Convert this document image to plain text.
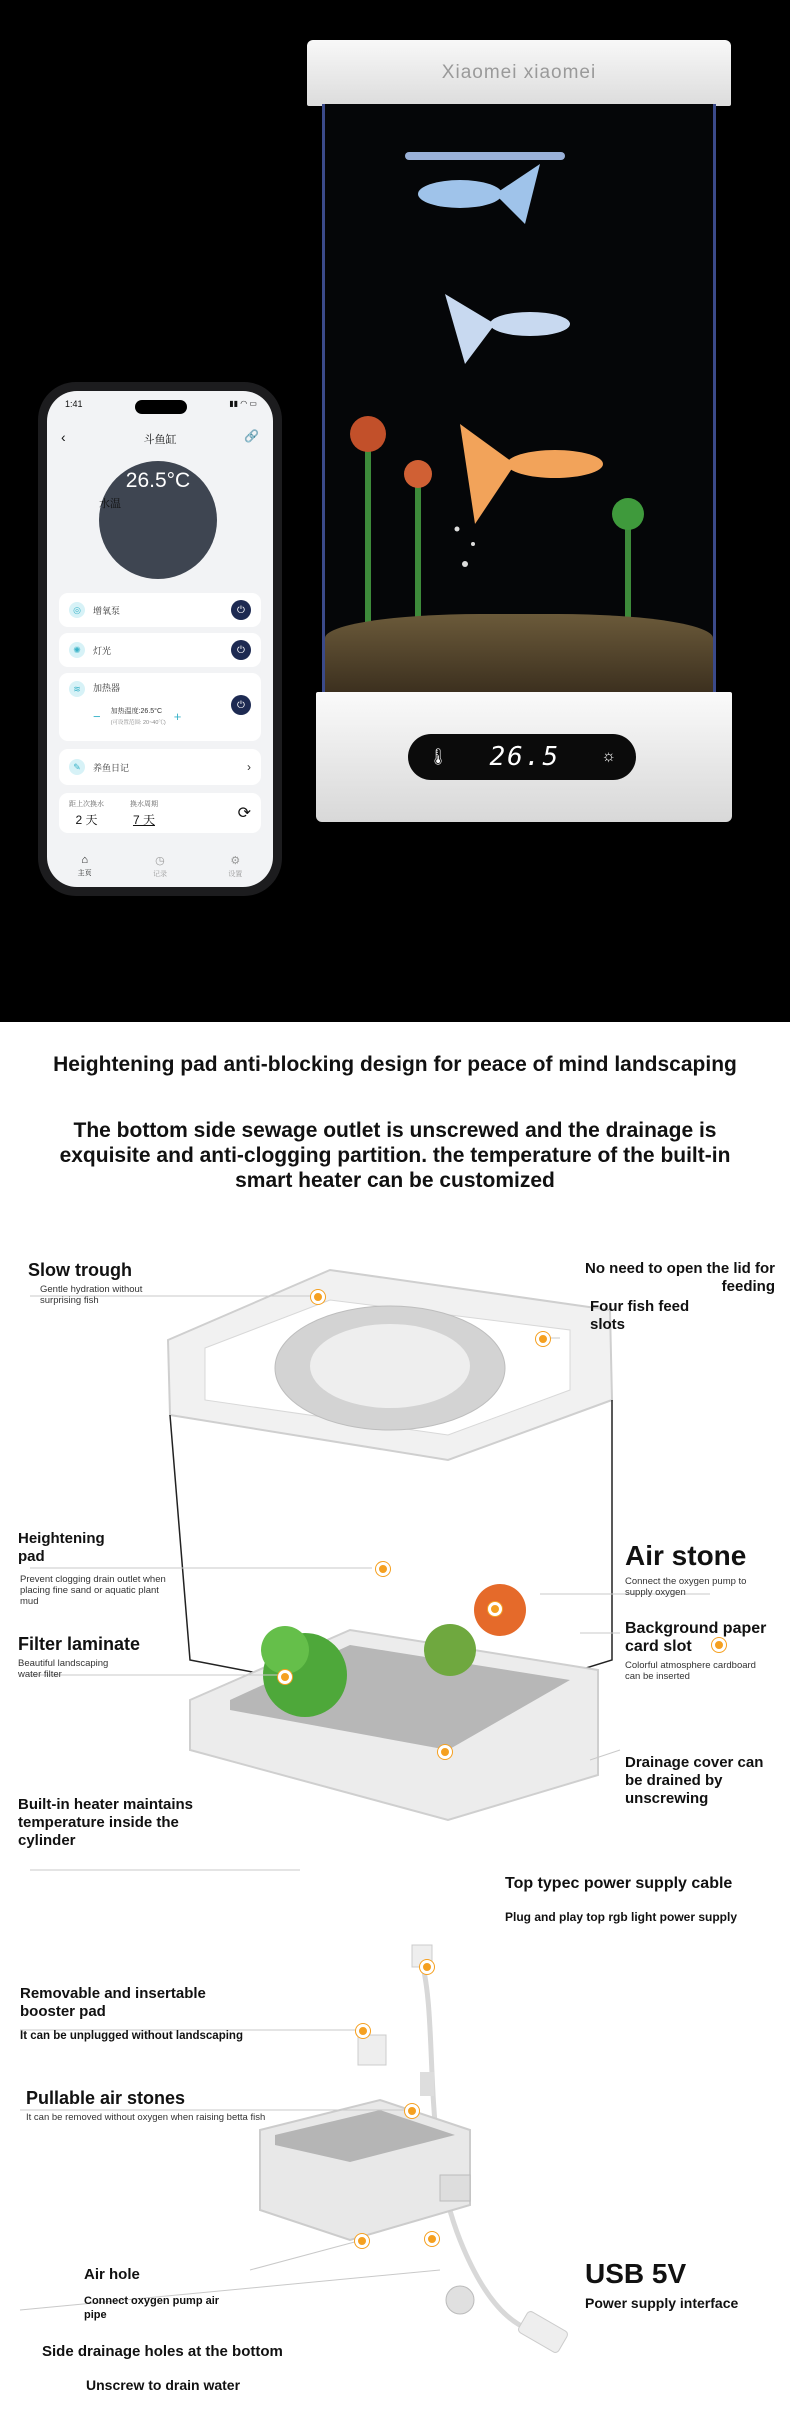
Xiaomei xiaomei
🌡 26.5	☼
1:41	▮▮ ◠ ▭
‹	斗鱼缸	🔗
水温
26.5°C
◎	增氧泵	⏻
✺	灯光	⏻
≋	加热器
− 加热温度:26.5°C
(可设置范围: 20~40℃) +
⏻
✎	养鱼日记	›
距上次换水
2 天
换水周期
7 天	⟳
⌂
主页
◷
记录
⚙
设置
Heightening pad anti-blocking design for peace of mind landscaping
The bottom side sewage outlet is unscrewed and the drainage is exquisite and anti-clogging partition. the temperature of the built-in smart heater can be customized
Slow trough
Gentle hydration without surprising fish
No need to open the lid for feeding
Four fish feed slots
Heightening pad
Prevent clogging drain outlet when placing fine sand or aquatic plant mud
Air stone
Connect the oxygen pump to supply oxygen
Background paper card slot
Colorful atmosphere cardboard can be inserted
Filter laminate
Beautiful landscaping water filter
Drainage cover can be drained by unscrewing
Built-in heater maintains temperature inside the cylinder
Top typec power supply cable
Plug and play top rgb light power supply
Removable and insertable booster pad
It can be unplugged without landscaping
Pullable air stones
It can be removed without oxygen when raising betta fish
Air hole
Connect oxygen pump air pipe
Side drainage holes at the bottom
Unscrew to drain water
USB 5V
Power supply interface
